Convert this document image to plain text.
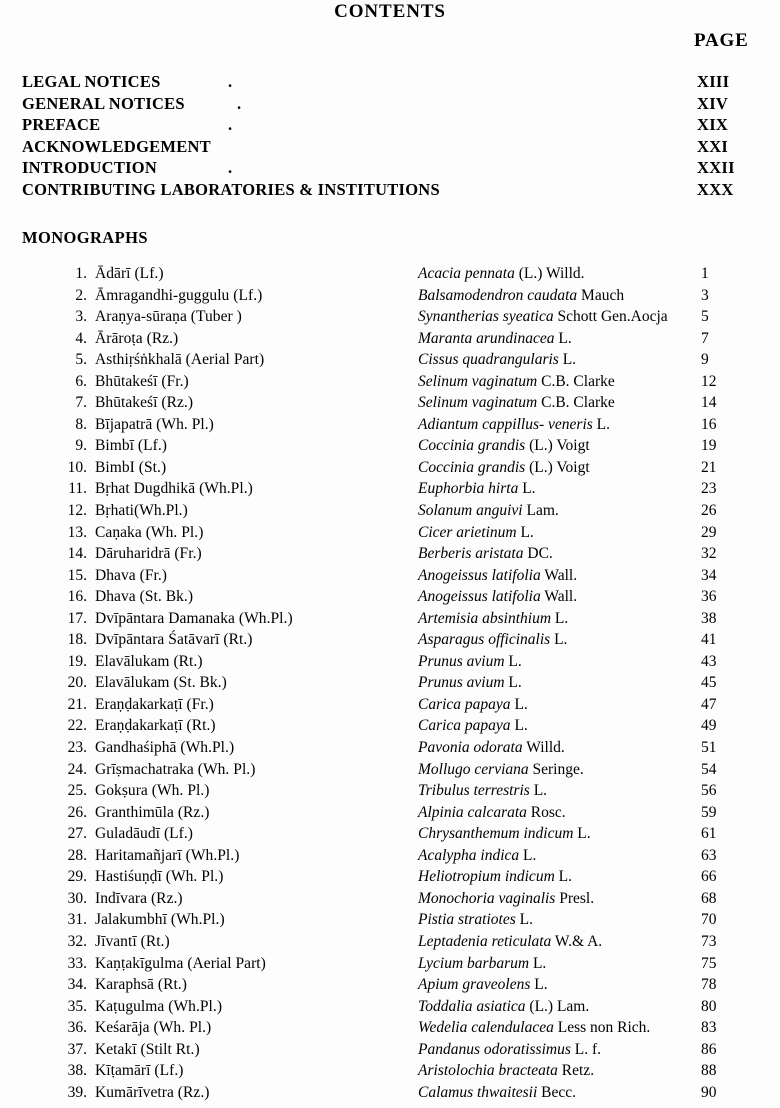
CONTENTS
PAGE
LEGAL NOTICES	.	XIII
GENERAL NOTICES	.	XIV
PREFACE	.	XIX
ACKNOWLEDGEMENT	XXI
INTRODUCTION	.	XXII
CONTRIBUTING LABORATORIES & INSTITUTIONS	XXX
MONOGRAPHS
1. Ādārī (Lf.)	Acacia pennata (L.) Willd.	1
2. Āmragandhi-guggulu (Lf.)	Balsamodendron caudata Mauch	3
3. Araṇya-sūraṇa (Tuber )	Synantherias syeatica Schott Gen.Aocja 5
4. Ārāroṭa (Rz.)	Maranta arundinacea L.	7
5. Asthiṛśṅkhalā (Aerial Part)	Cissus quadrangularis L.	9
6. Bhūtakeśī (Fr.)	Selinum vaginatum C.B. Clarke	12
7. Bhūtakeśī (Rz.)	Selinum vaginatum C.B. Clarke	14
8. Bījapatrā (Wh. Pl.)	Adiantum cappillus- veneris L.	16
9. Bimbī (Lf.)	Coccinia grandis (L.) Voigt	19
10. BimbI (St.)	Coccinia grandis (L.) Voigt	21
11. Bṛhat Dugdhikā (Wh.Pl.)	Euphorbia hirta L.	23
12. Bṛhati(Wh.Pl.)	Solanum anguivi Lam.	26
13. Caṇaka (Wh. Pl.)	Cicer arietinum L.	29
14. Dāruharidrā (Fr.)	Berberis aristata DC.	32
15. Dhava (Fr.)	Anogeissus latifolia Wall.	34
16. Dhava (St. Bk.)	Anogeissus latifolia Wall.	36
17. Dvīpāntara Damanaka (Wh.Pl.)	Artemisia absinthium L.	38
18. Dvīpāntara Śatāvarī (Rt.)	Asparagus officinalis L.	41
19. Elavālukam (Rt.)	Prunus avium L.	43
20. Elavālukam (St. Bk.)	Prunus avium L.	45
21. Eraṇḍakarkaṭī (Fr.)	Carica papaya L.	47
22. Eraṇḍakarkaṭī (Rt.)	Carica papaya L.	49
23. Gandhaśiphā (Wh.Pl.)	Pavonia odorata Willd.	51
24. Grīṣmachatraka (Wh. Pl.)	Mollugo cerviana Seringe.	54
25. Gokṣura (Wh. Pl.)	Tribulus terrestris L.	56
26. Granthimūla (Rz.)	Alpinia calcarata Rosc.	59
27. Guladāudī (Lf.)	Chrysanthemum indicum L.	61
28. Haritamañjarī (Wh.Pl.)	Acalypha indica L.	63
29. Hastiśuṇḍī (Wh. Pl.)	Heliotropium indicum L.	66
30. Indīvara (Rz.)	Monochoria vaginalis Presl.	68
31. Jalakumbhī (Wh.Pl.)	Pistia stratiotes L.	70
32. Jīvantī (Rt.)	Leptadenia reticulata W.& A.	73
33. Kaṇṭakīgulma (Aerial Part)	Lycium barbarum L.	75
34. Karaphsā (Rt.)	Apium graveolens L.	78
35. Kaṭugulma (Wh.Pl.)	Toddalia asiatica (L.) Lam.	80
36. Keśarāja (Wh. Pl.)	Wedelia calendulacea Less non Rich.	83
37. Ketakī (Stilt Rt.)	Pandanus odoratissimus L. f.	86
38. Kīṭamārī (Lf.)	Aristolochia bracteata Retz.	88
39. Kumārīvetra (Rz.)	Calamus thwaitesii Becc.	90
